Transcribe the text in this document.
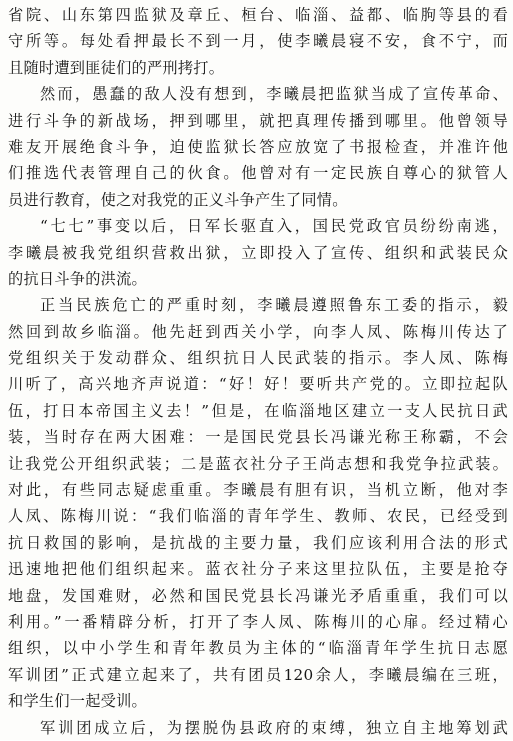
省院、山东第四监狱及章丘、桓台、临淄、益都、临朐等县的看
守所等。每处看押最长不到一月，使李曦晨寝不安，食不宁，而
且随时遭到匪徒们的严刑拷打。
然而，愚蠢的敌人没有想到，李曦晨把监狱当成了宣传革命、
进行斗争的新战场，押到哪里，就把真理传播到哪里。他曾领导
难友开展绝食斗争，迫使监狱长答应放宽了书报检查，并准许他
们推选代表管理自己的伙食。他曾对有一定民族自尊心的狱管人
员进行教育，使之对我党的正义斗争产生了同情。
“七七”事变以后，日军长驱直入，国民党政官员纷纷南逃，
李曦晨被我党组织营救出狱，立即投入了宣传、组织和武装民众
的抗日斗争的洪流。
正当民族危亡的严重时刻，李曦晨遵照鲁东工委的指示，毅
然回到故乡临淄。他先赶到西关小学，向李人凤、陈梅川传达了
党组织关于发动群众、组织抗日人民武装的指示。李人凤、陈梅
川听了，高兴地齐声说道：“好！好！要听共产党的。立即拉起队
伍，打日本帝国主义去！”但是，在临淄地区建立一支人民抗日武
装，当时存在两大困难：一是国民党县长冯谦光称王称霸，不会
让我党公开组织武装；二是蓝衣社分子王尚志想和我党争拉武装。
对此，有些同志疑虑重重。李曦晨有胆有识，当机立断，他对李
人凤、陈梅川说：“我们临淄的青年学生、教师、农民，已经受到
抗日救国的影响，是抗战的主要力量，我们应该利用合法的形式
迅速地把他们组织起来。蓝衣社分子来这里拉队伍，主要是抢夺
地盘，发国难财，必然和国民党县长冯谦光矛盾重重，我们可以
利用。”一番精辟分析，打开了李人凤、陈梅川的心扉。经过精心
组织，以中小学生和青年教员为主体的“临淄青年学生抗日志愿
军训团”正式建立起来了，共有团员120余人，李曦晨编在三班，
和学生们一起受训。
军训团成立后，为摆脱伪县政府的束缚，独立自主地筹划武
